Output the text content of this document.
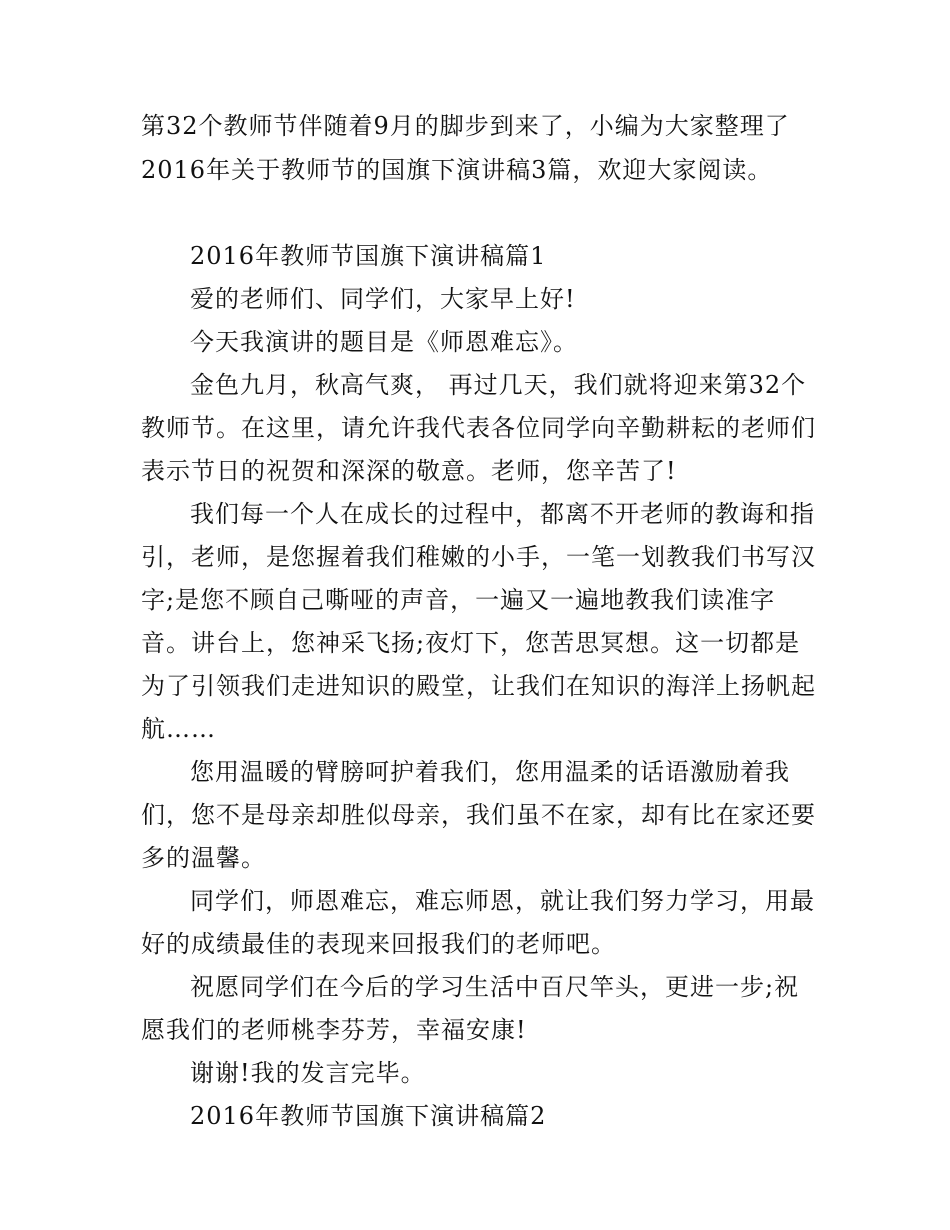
第32个教师节伴随着9月的脚步到来了，小编为大家整理了
2016年关于教师节的国旗下演讲稿3篇，欢迎大家阅读。
2016年教师节国旗下演讲稿篇1
爱的老师们、同学们，大家早上好!
今天我演讲的题目是《师恩难忘》。
金色九月，秋高气爽， 再过几天，我们就将迎来第32个
教师节。在这里，请允许我代表各位同学向辛勤耕耘的老师们
表示节日的祝贺和深深的敬意。老师，您辛苦了!
我们每一个人在成长的过程中，都离不开老师的教诲和指
引，老师，是您握着我们稚嫩的小手，一笔一划教我们书写汉
字;是您不顾自己嘶哑的声音，一遍又一遍地教我们读准字
音。讲台上，您神采飞扬;夜灯下，您苦思冥想。这一切都是
为了引领我们走进知识的殿堂，让我们在知识的海洋上扬帆起
航……
您用温暖的臂膀呵护着我们，您用温柔的话语激励着我
们，您不是母亲却胜似母亲，我们虽不在家，却有比在家还要
多的温馨。
同学们，师恩难忘，难忘师恩，就让我们努力学习，用最
好的成绩最佳的表现来回报我们的老师吧。
祝愿同学们在今后的学习生活中百尺竿头，更进一步;祝
愿我们的老师桃李芬芳，幸福安康!
谢谢!我的发言完毕。
2016年教师节国旗下演讲稿篇2
